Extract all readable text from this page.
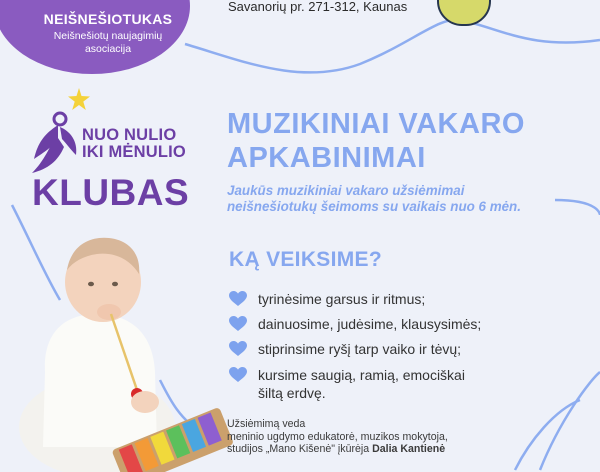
NEIŠNEŠIOTUKAS
Neišnešiotų naujagimių
asociacija
Savanorių pr. 271-312, Kaunas
NUO NULIO
IKI MĖNULIO
KLUBAS
MUZIKINIAI VAKARO
APKABINIMAI
Jaukūs muzikiniai vakaro užsiėmimai
neišnešiotukų šeimoms su vaikais nuo 6 mėn.
KĄ VEIKSIME?
tyrinėsime garsus ir ritmus;
dainuosime, judėsime, klausysimės;
stiprinsime ryšį tarp vaiko ir tėvų;
kursime saugią, ramią, emociškai
šiltą erdvę.
Užsiėmimą veda
meninio ugdymo edukatorė, muzikos mokytoja,
studijos „Mano Kišenė" įkūrėja Dalia Kantienė
